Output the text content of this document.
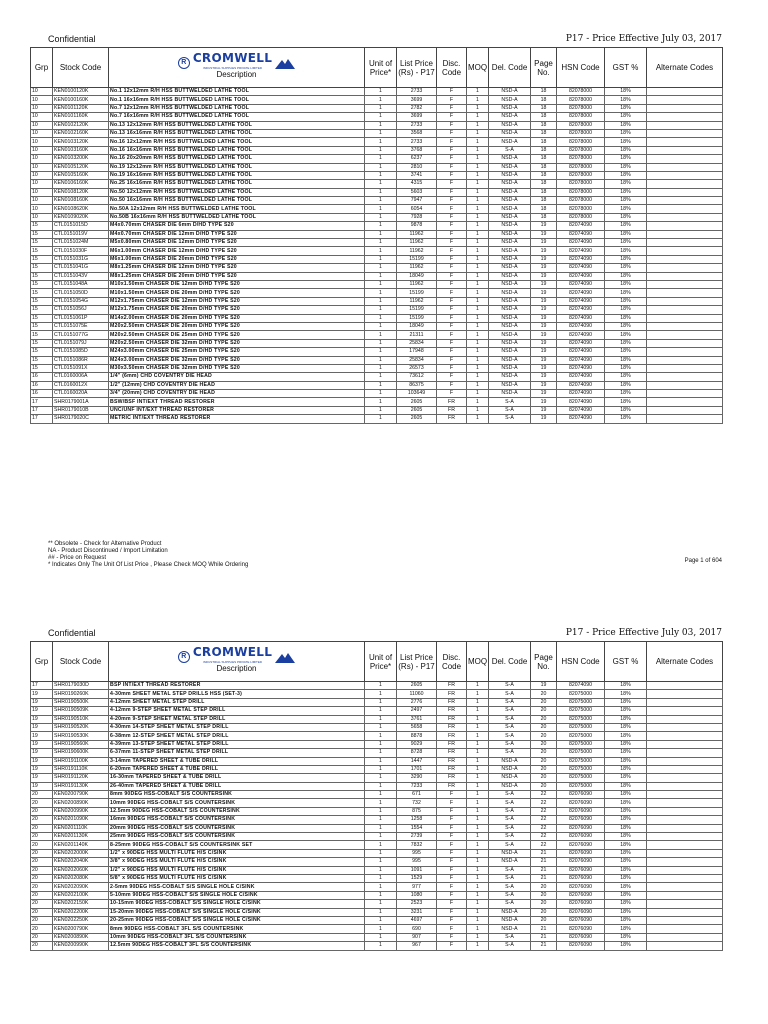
Confidential	P17 - Price Effective July 03, 2017
Grp	Stock Code	R CROMWELL
INDUSTRIAL SUPPLIES PRIVATE LIMITED
Description	Unit of Price*	List Price (Rs) - P17	Disc. Code	MOQ	Del. Code	Page No.	HSN Code	GST %	Alternate Codes
10	KEN0100120K	No.1 12x12mm R/H HSS BUTTWELDED LATHE TOOL	1	2733	F	1	NSD-A	18	82078000	18%	
10	KEN0100160K	No.1 16x16mm R/H HSS BUTTWELDED LATHE TOOL	1	3699	F	1	NSD-A	18	82078000	18%	
10	KEN0101120K	No.7 12x12mm R/H HSS BUTTWELDED LATHE TOOL	1	2782	F	1	NSD-A	18	82078000	18%	
10	KEN0101160K	No.7 16x16mm R/H HSS BUTTWELDED LATHE TOOL	1	3699	F	1	NSD-A	18	82078000	18%	
10	KEN0102120K	No.13 12x12mm R/H HSS BUTTWELDED LATHE TOOL	1	2733	F	1	NSD-A	18	82078000	18%	
10	KEN0102160K	No.13 16x16mm R/H HSS BUTTWELDED LATHE TOOL	1	3568	F	1	NSD-A	18	82078000	18%	
10	KEN0103120K	No.16 12x12mm R/H HSS BUTTWELDED LATHE TOOL	1	2733	F	1	NSD-A	18	82078000	18%	
10	KEN0103160K	No.16 16x16mm R/H HSS BUTTWELDED LATHE TOOL	1	3768	F	1	S-A	18	82078000	18%	
10	KEN0103200K	No.16 20x20mm R/H HSS BUTTWELDED LATHE TOOL	1	6237	F	1	NSD-A	18	82078000	18%	
10	KEN0105120K	No.19 12x12mm R/H HSS BUTTWELDED LATHE TOOL	1	2810	F	1	NSD-A	18	82078000	18%	
10	KEN0105160K	No.19 16x16mm R/H HSS BUTTWELDED LATHE TOOL	1	3741	F	1	NSD-A	18	82078000	18%	
10	KEN0106160K	No.25 16x16mm R/H HSS BUTTWELDED LATHE TOOL	1	4315	F	1	NSD-A	18	82078000	18%	
10	KEN0108120K	No.50 12x12mm R/H HSS BUTTWELDED LATHE TOOL	1	5603	F	1	NSD-A	18	82078000	18%	
10	KEN0108160K	No.50 16x16mm R/H HSS BUTTWELDED LATHE TOOL	1	7947	F	1	NSD-A	18	82078000	18%	
10	KEN0108620K	No.50A 12x12mm R/H HSS BUTTWELDED LATHE TOOL	1	6054	F	1	NSD-A	18	82078000	18%	
10	KEN0109020K	No.50B 16x16mm R/H HSS BUTTWELDED LATHE TOOL	1	7928	F	1	NSD-A	18	82078000	18%	
15	CTL0151015D	M4x0.70mm CHASER DIE 6mm D/HD TYPE S20	1	9878	F	1	NSD-A	19	82074090	18%	
15	CTL0151019V	M4x0.70mm CHASER DIE 12mm D/HD TYPE S20	1	11962	F	1	NSD-A	19	82074090	18%	
15	CTL0151024M	M5x0.80mm CHASER DIE 12mm D/HD TYPE S20	1	11962	F	1	NSD-A	19	82074090	18%	
15	CTL0151030F	M6x1.00mm CHASER DIE 12mm D/HD TYPE S20	1	11962	F	1	NSD-A	19	82074090	18%	
15	CTL0151031G	M6x1.00mm CHASER DIE 20mm D/HD TYPE S20	1	15199	F	1	NSD-A	19	82074090	18%	
15	CTL0151041G	M8x1.25mm CHASER DIE 12mm D/HD TYPE S20	1	11962	F	1	NSD-A	19	82074090	18%	
15	CTL0151043V	M8x1.25mm CHASER DIE 20mm D/HD TYPE S20	1	18049	F	1	NSD-A	19	82074090	18%	
15	CTL0151048A	M10x1.50mm CHASER DIE 12mm D/HD TYPE S20	1	11962	F	1	NSD-A	19	82074090	18%	
15	CTL0151050D	M10x1.50mm CHASER DIE 20mm D/HD TYPE S20	1	15199	F	1	NSD-A	19	82074090	18%	
15	CTL0151054G	M12x1.75mm CHASER DIE 12mm D/HD TYPE S20	1	11962	F	1	NSD-A	19	82074090	18%	
15	CTL0151056J	M12x1.75mm CHASER DIE 20mm D/HD TYPE S20	1	15199	F	1	NSD-A	19	82074090	18%	
15	CTL0151061P	M14x2.00mm CHASER DIE 20mm D/HD TYPE S20	1	15199	F	1	NSD-A	19	82074090	18%	
15	CTL0151075E	M20x2.50mm CHASER DIE 20mm D/HD TYPE S20	1	18049	F	1	NSD-A	19	82074090	18%	
15	CTL0151077G	M20x2.50mm CHASER DIE 25mm D/HD TYPE S20	1	21311	F	1	NSD-A	19	82074090	18%	
15	CTL0151079J	M20x2.50mm CHASER DIE 32mm D/HD TYPE S20	1	25834	F	1	NSD-A	19	82074090	18%	
15	CTL0151085D	M24x3.00mm CHASER DIE 25mm D/HD TYPE S20	1	17948	F	1	NSD-A	19	82074090	18%	
15	CTL0151086R	M24x3.00mm CHASER DIE 32mm D/HD TYPE S20	1	25834	F	1	NSD-A	19	82074090	18%	
15	CTL0151091X	M30x3.50mm CHASER DIE 32mm D/HD TYPE S20	1	26573	F	1	NSD-A	19	82074090	18%	
16	CTL0160006A	1/4" (6mm) CHD COVENTRY DIE HEAD	1	73612	F	1	NSD-A	19	82074090	18%	
16	CTL0160012X	1/2" (12mm) CHD COVENTRY DIE HEAD	1	86375	F	1	NSD-A	19	82074090	18%	
16	CTL0160020A	3/4" (20mm) CHD COVENTRY DIE HEAD	1	103649	F	1	NSD-A	19	82074090	18%	
17	SHR0179001A	BSW/BSF INT/EXT THREAD RESTORER	1	2605	FR	1	S-A	19	82074090	18%	
17	SHR0179010B	UNC/UNF INT/EXT THREAD RESTORER	1	2605	FR	1	S-A	19	82074090	18%	
17	SHR0179020C	METRIC INT/EXT THREAD RESTORER	1	2605	FR	1	S-A	19	82074090	18%	
** Obsolete - Check for Alternative Product
NA - Product Discontinued / Import Limitation
## - Price on Request
* Indicates Only The Unit Of List Price , Please Check MOQ While Ordering
Page 1 of 604
Confidential	P17 - Price Effective July 03, 2017
Grp	Stock Code	R CROMWELL
INDUSTRIAL SUPPLIES PRIVATE LIMITED
Description	Unit of Price*	List Price (Rs) - P17	Disc. Code	MOQ	Del. Code	Page No.	HSN Code	GST %	Alternate Codes
17	SHR0179030D	BSP INT/EXT THREAD RESTORER	1	2605	FR	1	S-A	19	82074090	18%	
19	SHR0190260K	4-30mm SHEET METAL STEP DRILLS HSS (SET-3)	1	11060	FR	1	S-A	20	82075000	18%	
19	SHR0190500K	4-12mm SHEET METAL STEP DRILL	1	2776	FR	1	S-A	20	82075000	18%	
19	SHR0190509K	4-12mm 9-STEP SHEET METAL STEP DRILL	1	2497	FR	1	S-A	20	82075000	18%	
19	SHR0190510K	4-20mm 9-STEP SHEET METAL STEP DRILL	1	3761	FR	1	S-A	20	82075000	18%	
19	SHR0190520K	4-30mm 14-STEP SHEET METAL STEP DRILL	1	5658	FR	1	S-A	20	82075000	18%	
19	SHR0190530K	6-38mm 12-STEP SHEET METAL STEP DRILL	1	8878	FR	1	S-A	20	82075000	18%	
19	SHR0190560K	4-39mm 13-STEP SHEET METAL STEP DRILL	1	9029	FR	1	S-A	20	82075000	18%	
19	SHR0190600K	6-37mm 11-STEP SHEET METAL STEP DRILL	1	8728	FR	1	S-A	20	82075000	18%	
19	SHR0191100K	3-14mm TAPERED SHEET & TUBE DRILL	1	1447	FR	1	NSD-A	20	82075000	18%	
19	SHR0191110K	6-20mm TAPERED SHEET & TUBE DRILL	1	1701	FR	1	NSD-A	20	82075000	18%	
19	SHR0191120K	16-30mm TAPERED SHEET & TUBE DRILL	1	3290	FR	1	NSD-A	20	82075000	18%	
19	SHR0191130K	26-40mm TAPERED SHEET & TUBE DRILL	1	7233	FR	1	NSD-A	20	82075000	18%	
20	KEN0200790K	8mm 90DEG HSS-COBALT S/S COUNTERSINK	1	671	F	1	S-A	22	82076090	18%	
20	KEN0200890K	10mm 90DEG HSS-COBALT S/S COUNTERSINK	1	732	F	1	S-A	22	82076090	18%	
20	KEN0200990K	12.5mm 90DEG HSS-COBALT S/S COUNTERSINK	1	875	F	1	S-A	22	82076090	18%	
20	KEN0201090K	16mm 90DEG HSS-COBALT S/S COUNTERSINK	1	1258	F	1	S-A	22	82076090	18%	
20	KEN0201110K	20mm 90DEG HSS-COBALT S/S COUNTERSINK	1	1554	F	1	S-A	22	82076090	18%	
20	KEN0201130K	25mm 90DEG HSS-COBALT S/S COUNTERSINK	1	2739	F	1	S-A	22	82076090	18%	
20	KEN0201140K	8-25mm 90DEG HSS-COBALT S/S COUNTERSINK SET	1	7832	F	1	S-A	22	82076090	18%	
20	KEN0202000K	1/2" x 90DEG HSS MULTI FLUTE H/S C/SINK	1	995	F	1	NSD-A	21	82076090	18%	
20	KEN0202040K	3/8" x 90DEG HSS MULTI FLUTE H/S C/SINK	1	995	F	1	NSD-A	21	82076090	18%	
20	KEN0202060K	1/2" x 90DEG HSS MULTI FLUTE H/S C/SINK	1	1091	F	1	S-A	21	82076090	18%	
20	KEN0202080K	5/8" x 90DEG HSS MULTI FLUTE H/S C/SINK	1	1529	F	1	S-A	21	82076090	18%	
20	KEN0202090K	2-5mm 90DEG HSS-COBALT S/S SINGLE HOLE C/SINK	1	977	F	1	S-A	20	82076090	18%	
20	KEN0202100K	5-10mm 90DEG HSS-COBALT S/S SINGLE HOLE C/SINK	1	1080	F	1	S-A	20	82076090	18%	
20	KEN0202150K	10-15mm 90DEG HSS-COBALT S/S SINGLE HOLE C/SINK	1	2523	F	1	S-A	20	82076090	18%	
20	KEN0202200K	15-20mm 90DEG HSS-COBALT S/S SINGLE HOLE C/SINK	1	3231	F	1	NSD-A	20	82076090	18%	
20	KEN0202250K	20-25mm 90DEG HSS-COBALT S/S SINGLE HOLE C/SINK	1	4697	F	1	NSD-A	20	82076090	18%	
20	KEN0200790K	8mm 90DEG HSS-COBALT 3FL S/S COUNTERSINK	1	690	F	1	NSD-A	21	82076090	18%	
20	KEN0200890K	10mm 90DEG HSS-COBALT 3FL S/S COUNTERSINK	1	907	F	1	S-A	21	82076090	18%	
20	KEN0200990K	12.5mm 90DEG HSS-COBALT 3FL S/S COUNTERSINK	1	967	F	1	S-A	21	82076090	18%	
